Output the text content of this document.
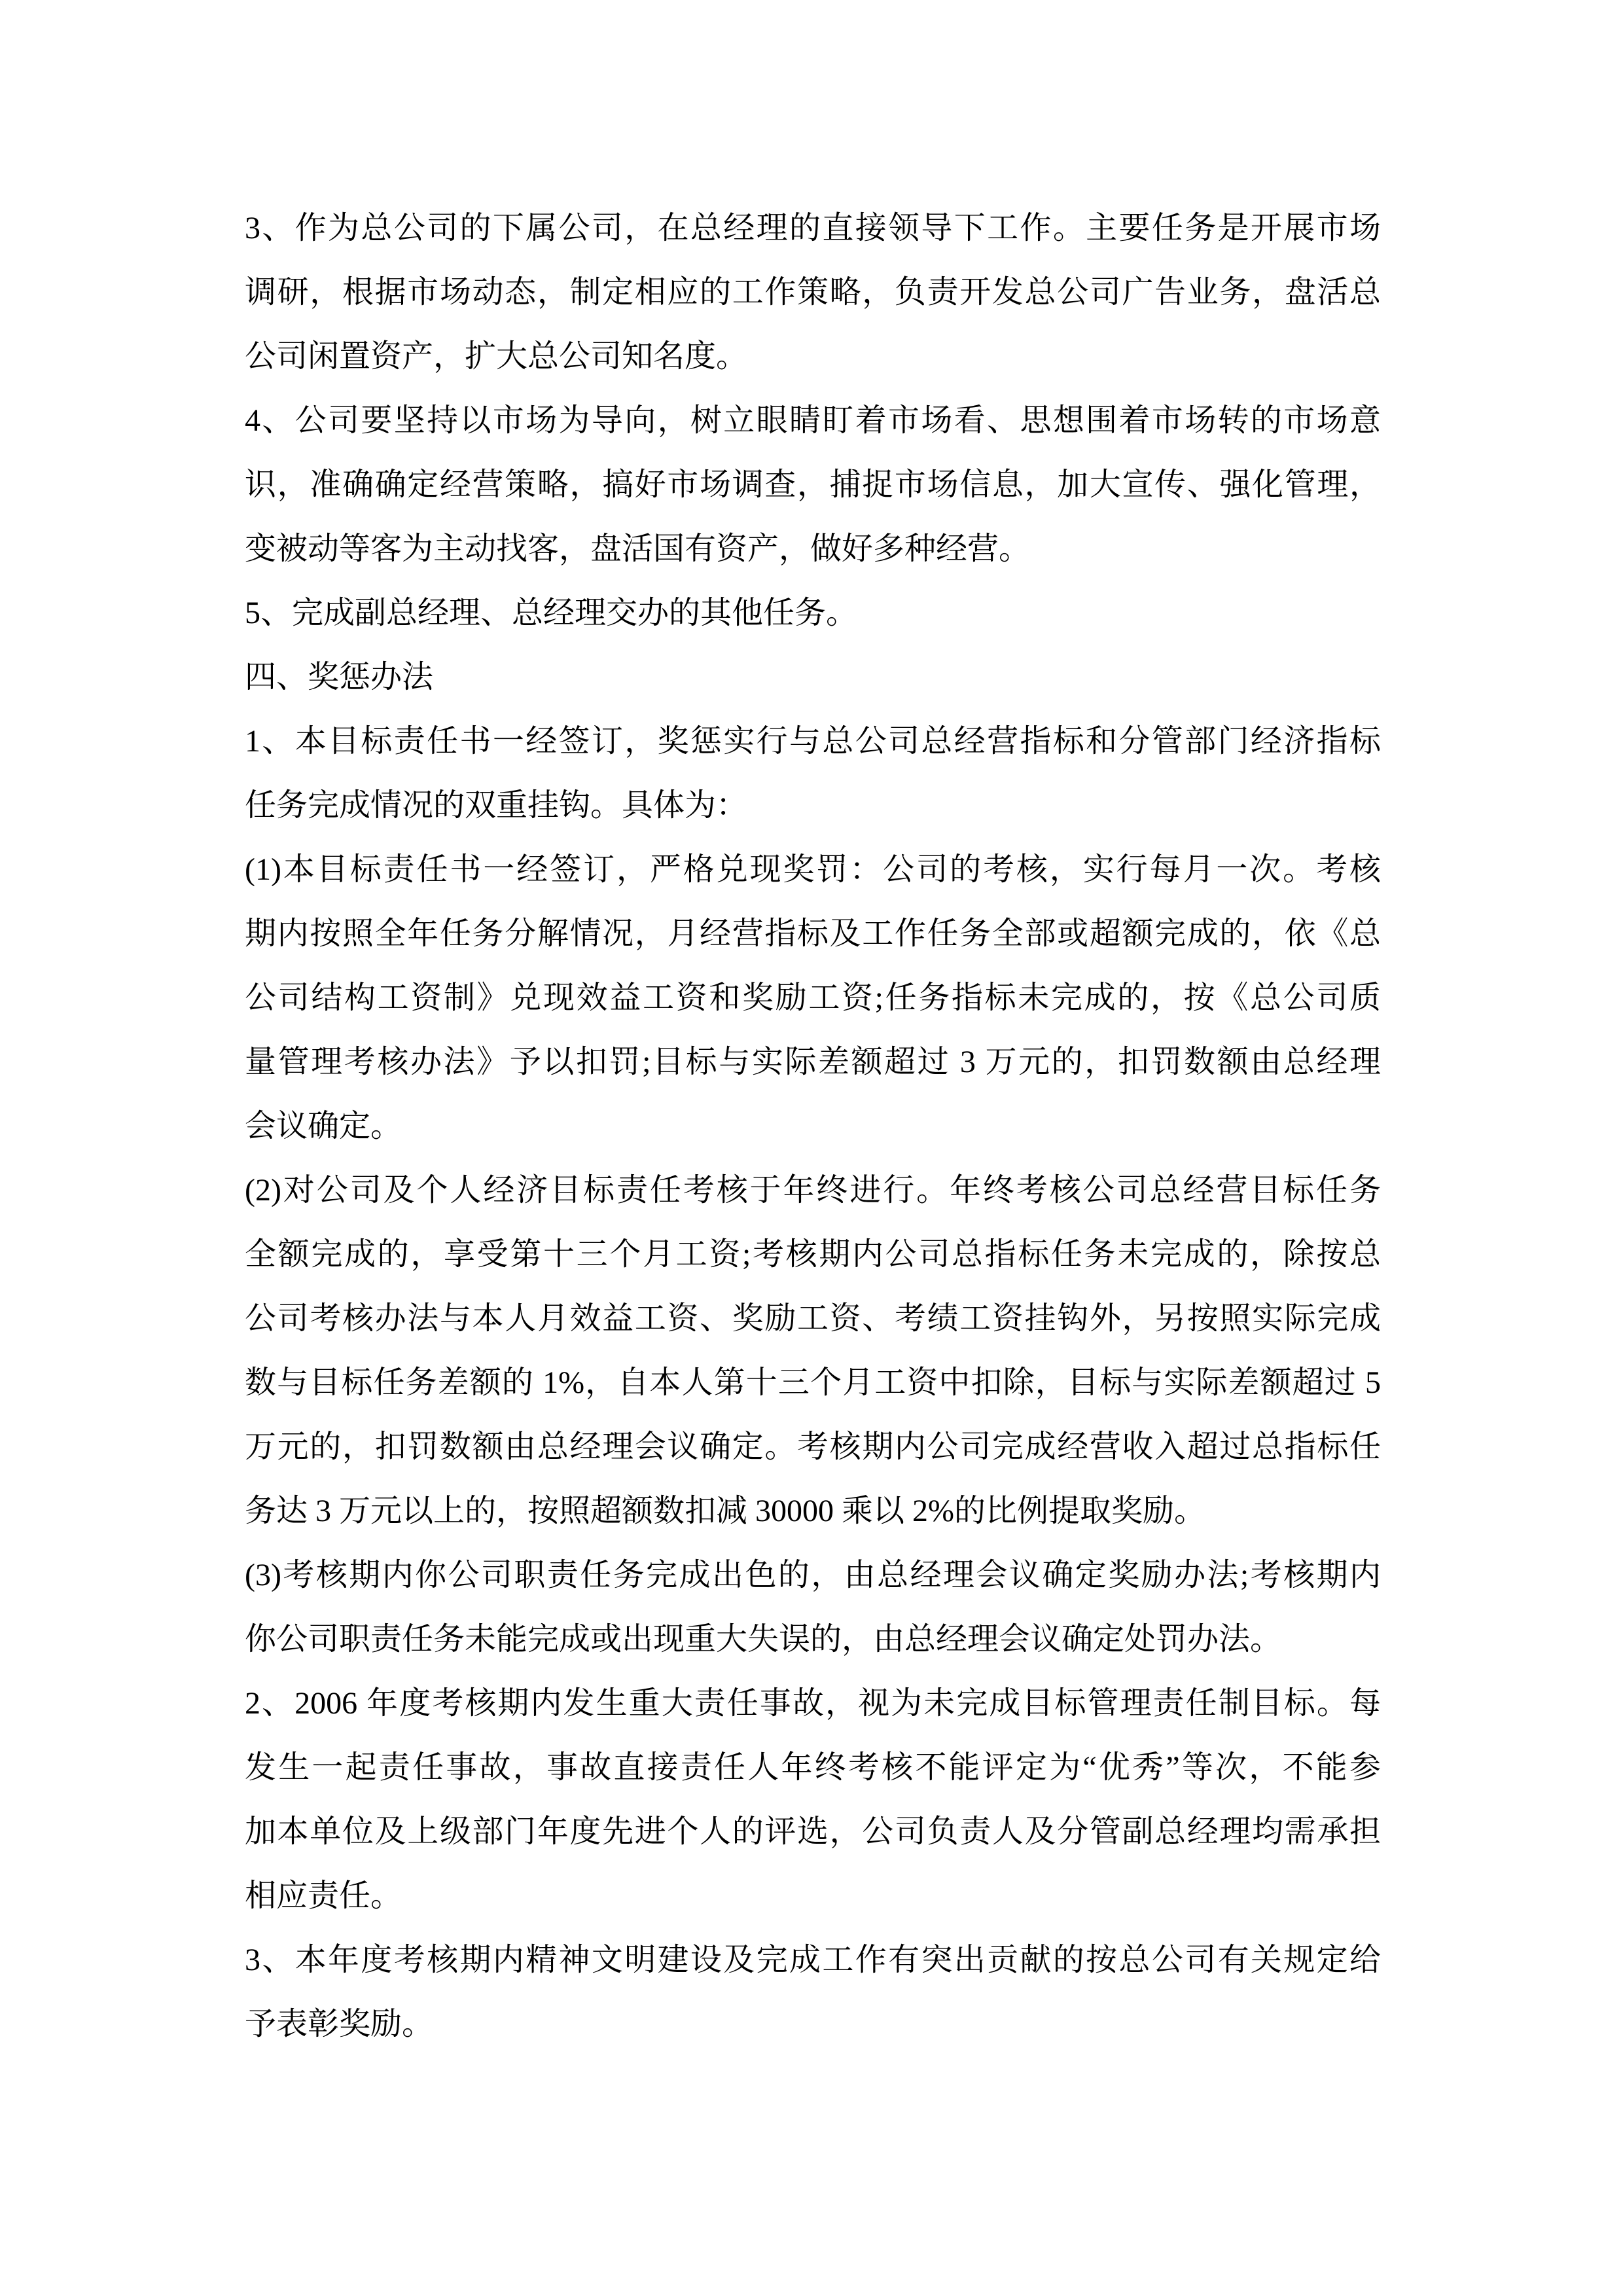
3、作为总公司的下属公司，在总经理的直接领导下工作。主要任务是开展市场
调研，根据市场动态，制定相应的工作策略，负责开发总公司广告业务，盘活总
公司闲置资产，扩大总公司知名度。
4、公司要坚持以市场为导向，树立眼睛盯着市场看、思想围着市场转的市场意
识，准确确定经营策略，搞好市场调查，捕捉市场信息，加大宣传、强化管理，
变被动等客为主动找客，盘活国有资产，做好多种经营。
5、完成副总经理、总经理交办的其他任务。
四、奖惩办法
1、本目标责任书一经签订，奖惩实行与总公司总经营指标和分管部门经济指标
任务完成情况的双重挂钩。具体为：
(1)本目标责任书一经签订，严格兑现奖罚：公司的考核，实行每月一次。考核
期内按照全年任务分解情况，月经营指标及工作任务全部或超额完成的，依《总
公司结构工资制》兑现效益工资和奖励工资;任务指标未完成的，按《总公司质
量管理考核办法》予以扣罚;目标与实际差额超过 3 万元的，扣罚数额由总经理
会议确定。
(2)对公司及个人经济目标责任考核于年终进行。年终考核公司总经营目标任务
全额完成的，享受第十三个月工资;考核期内公司总指标任务未完成的，除按总
公司考核办法与本人月效益工资、奖励工资、考绩工资挂钩外，另按照实际完成
数与目标任务差额的 1%，自本人第十三个月工资中扣除，目标与实际差额超过 5
万元的，扣罚数额由总经理会议确定。考核期内公司完成经营收入超过总指标任
务达 3 万元以上的，按照超额数扣减 30000 乘以 2%的比例提取奖励。
(3)考核期内你公司职责任务完成出色的，由总经理会议确定奖励办法;考核期内
你公司职责任务未能完成或出现重大失误的，由总经理会议确定处罚办法。
2、2006 年度考核期内发生重大责任事故，视为未完成目标管理责任制目标。每
发生一起责任事故，事故直接责任人年终考核不能评定为“优秀”等次，不能参
加本单位及上级部门年度先进个人的评选，公司负责人及分管副总经理均需承担
相应责任。
3、本年度考核期内精神文明建设及完成工作有突出贡献的按总公司有关规定给
予表彰奖励。
